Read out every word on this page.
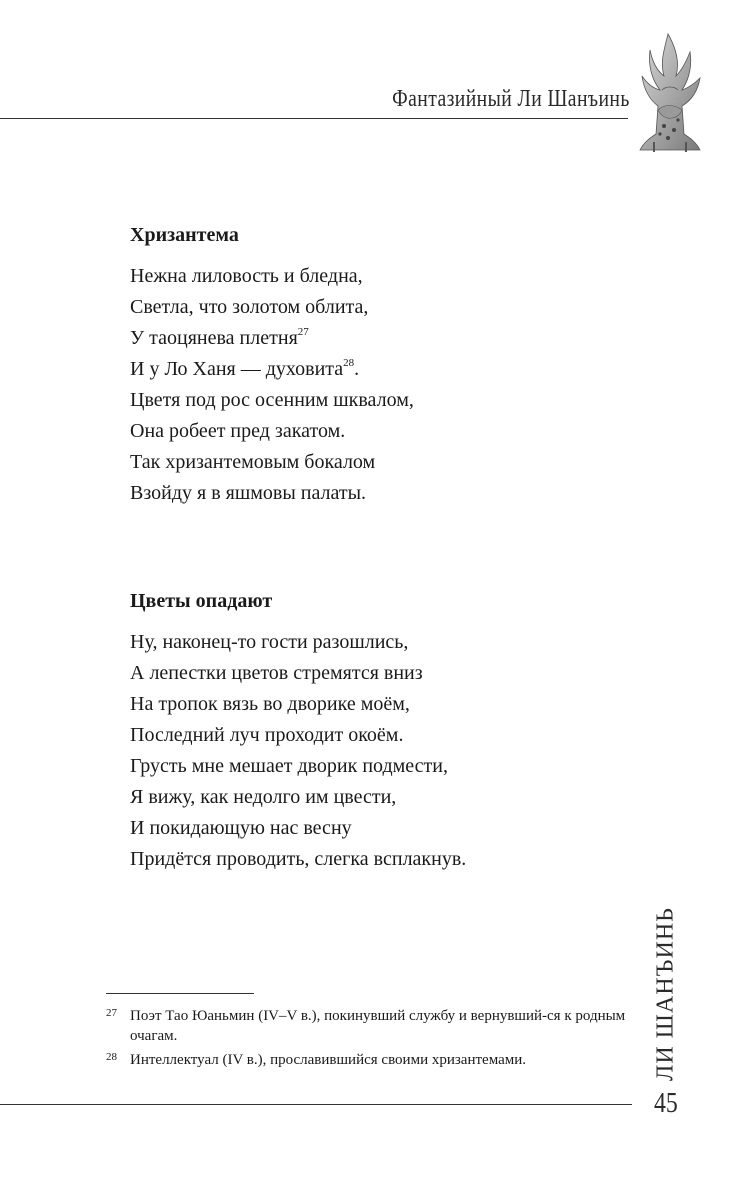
Фантазийный Ли Шанъинь
Хризантема
Нежна лиловость и бледна,
Светла, что золотом облита,
У таоцянева плетня$^{27}$
И у Ло Ханя — духовита$^{28}$.
Цветя под рос осенним шквалом,
Она робеет пред закатом.
Так хризантемовым бокалом
Взойду я в яшмовы палаты.
Цветы опадают
Ну, наконец-то гости разошлись,
А лепестки цветов стремятся вниз
На тропок вязь во дворике моём,
Последний луч проходит окоём.
Грусть мне мешает дворик подмести,
Я вижу, как недолго им цвести,
И покидающую нас весну
Придётся проводить, слегка всплакнув.
27 Поэт Тао Юаньмин (IV–V в.), покинувший службу и вернувший-ся к родным очагам.
28 Интеллектуал (IV в.), прославившийся своими хризантемами.	ЛИ ШАНЪИНЬ
45
